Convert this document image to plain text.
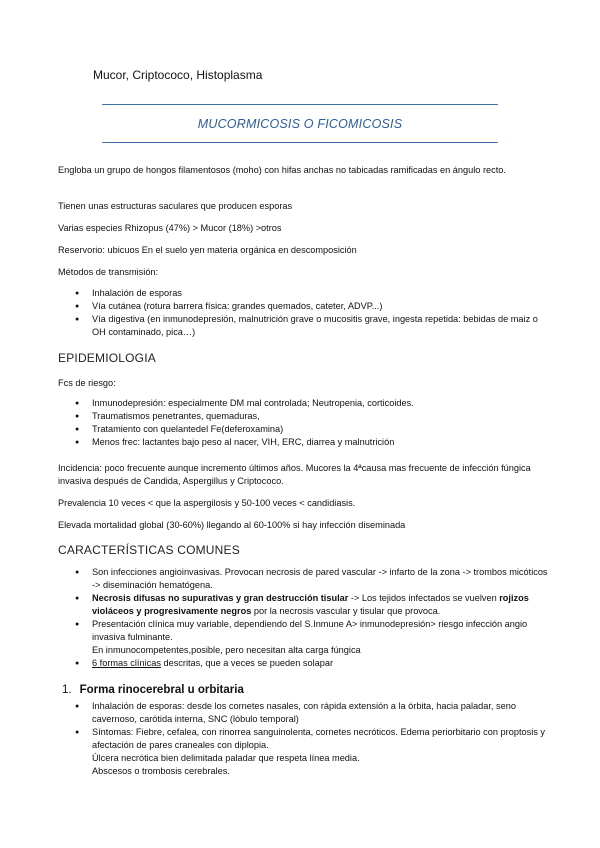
Mucor, Criptococo, Histoplasma
MUCORMICOSIS O FICOMICOSIS
Engloba un grupo de hongos filamentosos (moho) con hifas anchas no tabicadas ramificadas en ángulo recto.
Tienen unas estructuras saculares que producen esporas
Varias especies Rhizopus (47%) > Mucor (18%) >otros
Reservorio: ubicuos En el suelo yen materia orgánica en descomposición
Métodos de transmisión:
● Inhalación de esporas
● Vía cutánea (rotura barrera física: grandes quemados, cateter, ADVP...)
● Vía digestiva (en inmunodepresión, malnutrición grave o mucositis grave, ingesta repetida: bebidas de maiz o OH contaminado, pica…)
EPIDEMIOLOGIA
Fcs de riesgo:
● Inmunodepresión: especialmente DM mal controlada; Neutropenia, corticoides.
● Traumatismos penetrantes, quemaduras,
● Tratamiento con quelantedel Fe(deferoxamina)
● Menos frec: lactantes bajo peso al nacer, VIH, ERC, diarrea y malnutrición
Incidencia: poco frecuente aunque incremento últimos años. Mucores la 4ªcausa mas frecuente de infección fúngica invasiva después de Candida, Aspergillus y Criptococo.
Prevalencia 10 veces < que la aspergilosis y 50-100 veces < candidiasis.
Elevada mortalidad global (30-60%) llegando al 60-100% si hay infección diseminada
CARACTERÍSTICAS COMUNES
● Son infecciones angioinvasivas. Provocan necrosis de pared vascular -> infarto de la zona -> trombos micóticos -> diseminación hematógena.
● Necrosis difusas no supurativas y gran destrucción tisular -> Los tejidos infectados se vuelven rojizos violáceos y progresivamente negros por la necrosis vascular y tisular que provoca.
● Presentación clínica muy variable, dependiendo del S.Inmune A> inmunodepresión> riesgo infección angio invasiva fulminante.
En inmunocompetentes,posible, pero necesitan alta carga fúngica
● 6 formas clínicas descritas, que a veces se pueden solapar
1. Forma rinocerebral u orbitaria
● Inhalación de esporas: desde los cornetes nasales, con rápida extensión a la órbita, hacia paladar, seno cavernoso, carótida interna, SNC (lóbulo temporal)
● Síntomas: Fiebre, cefalea, con rinorrea sanguinolenta, cornetes necróticos. Edema periorbitario con proptosis y afectación de pares craneales con diplopia.
Úlcera necrótica bien delimitada paladar que respeta línea media.
Abscesos o trombosis cerebrales.
